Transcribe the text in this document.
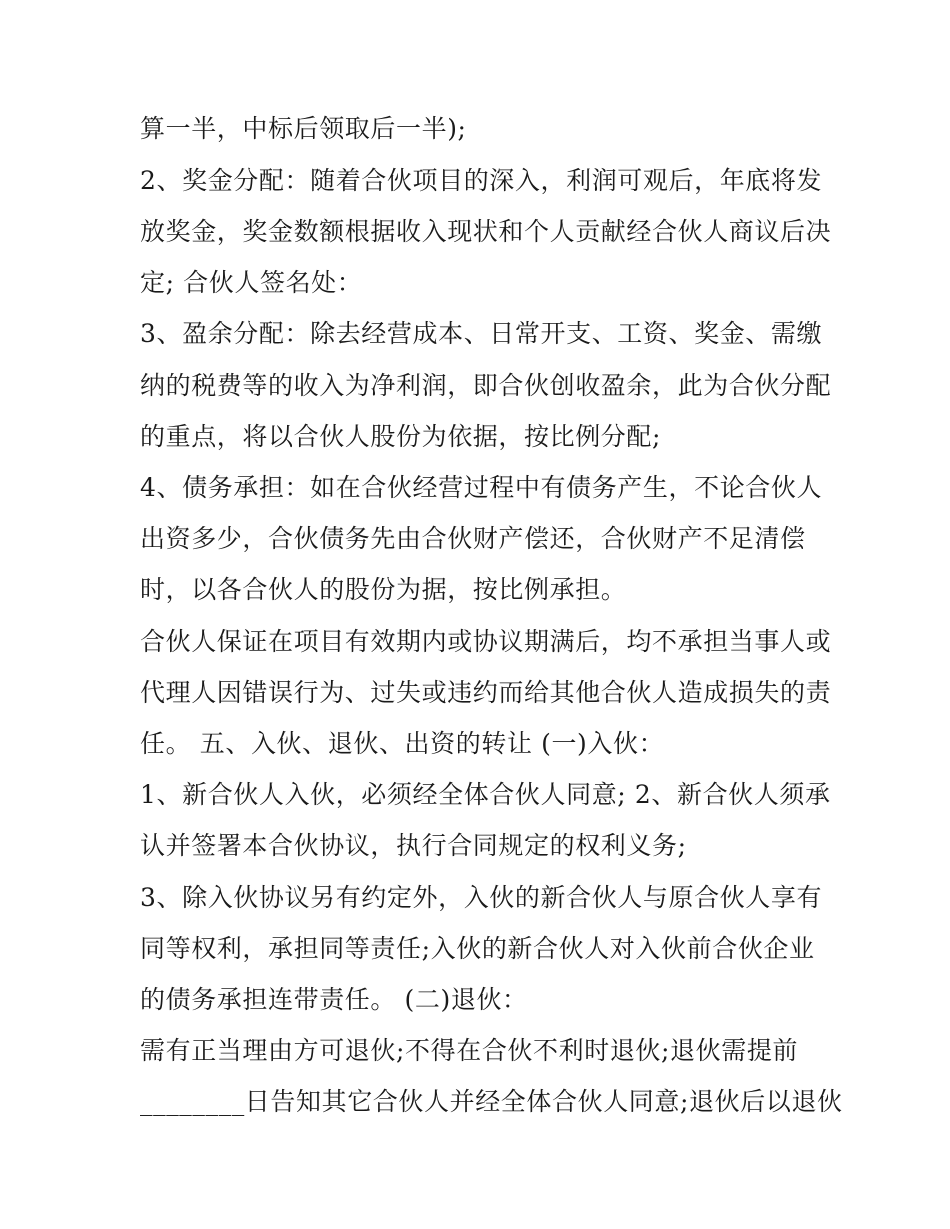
算一半，中标后领取后一半);
2、奖金分配：随着合伙项目的深入，利润可观后，年底将发
放奖金，奖金数额根据收入现状和个人贡献经合伙人商议后决
定; 合伙人签名处：
3、盈余分配：除去经营成本、日常开支、工资、奖金、需缴
纳的税费等的收入为净利润，即合伙创收盈余，此为合伙分配
的重点，将以合伙人股份为依据，按比例分配;
4、债务承担：如在合伙经营过程中有债务产生，不论合伙人
出资多少，合伙债务先由合伙财产偿还，合伙财产不足清偿
时，以各合伙人的股份为据，按比例承担。
合伙人保证在项目有效期内或协议期满后，均不承担当事人或
代理人因错误行为、过失或违约而给其他合伙人造成损失的责
任。 五、入伙、退伙、出资的转让 (一)入伙：
1、新合伙人入伙，必须经全体合伙人同意; 2、新合伙人须承
认并签署本合伙协议，执行合同规定的权利义务;
3、除入伙协议另有约定外，入伙的新合伙人与原合伙人享有
同等权利，承担同等责任;入伙的新合伙人对入伙前合伙企业
的债务承担连带责任。 (二)退伙：
需有正当理由方可退伙;不得在合伙不利时退伙;退伙需提前
________日告知其它合伙人并经全体合伙人同意;退伙后以退伙
